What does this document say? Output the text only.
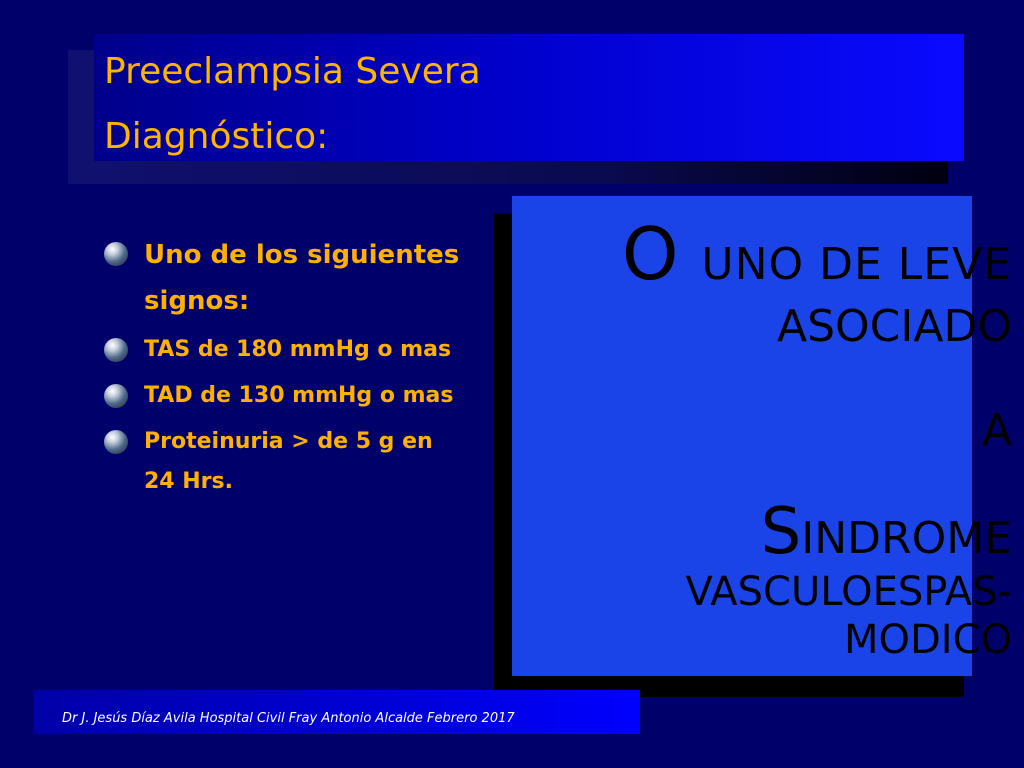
Preeclampsia Severa
Diagnóstico:
Uno de los siguientes signos:
TAS de 180 mmHg o mas
TAD de 130 mmHg o mas
Proteinuria > de 5 g en 24 Hrs.
O UNO DE LEVE
ASOCIADO
A
SINDROME
VASCULOESPAS-
MODICO
Dr J. Jesús Díaz Avila Hospital Civil Fray Antonio Alcalde Febrero 2017
